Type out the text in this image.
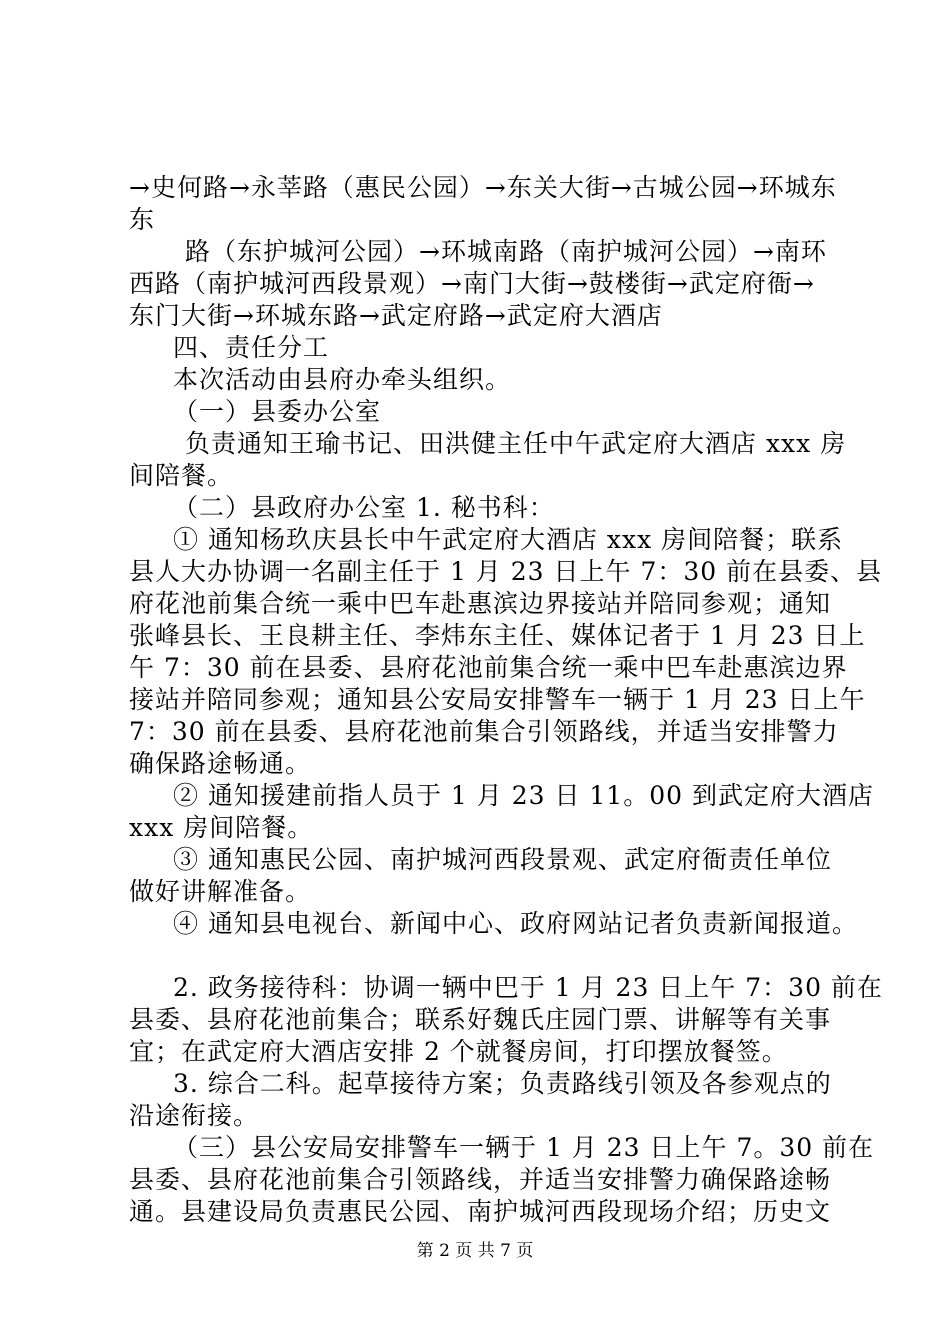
→史何路→永莘路（惠民公园）→东关大街→古城公园→环城东
东
路（东护城河公园）→环城南路（南护城河公园）→南环
西路（南护城河西段景观）→南门大街→鼓楼街→武定府衙→
东门大街→环城东路→武定府路→武定府大酒店
四、责任分工
本次活动由县府办牵头组织。
（一）县委办公室
负责通知王瑜书记、田洪健主任中午武定府大酒店 xxx 房
间陪餐。
（二）县政府办公室 1. 秘书科：
① 通知杨玖庆县长中午武定府大酒店 xxx 房间陪餐；联系
县人大办协调一名副主任于 1 月 23 日上午 7：30 前在县委、县
府花池前集合统一乘中巴车赴惠滨边界接站并陪同参观；通知
张峰县长、王良耕主任、李炜东主任、媒体记者于 1 月 23 日上
午 7：30 前在县委、县府花池前集合统一乘中巴车赴惠滨边界
接站并陪同参观；通知县公安局安排警车一辆于 1 月 23 日上午
7：30 前在县委、县府花池前集合引领路线，并适当安排警力
确保路途畅通。
② 通知援建前指人员于 1 月 23 日 11。00 到武定府大酒店
xxx 房间陪餐。
③ 通知惠民公园、南护城河西段景观、武定府衙责任单位
做好讲解准备。
④ 通知县电视台、新闻中心、政府网站记者负责新闻报道。
2. 政务接待科：协调一辆中巴于 1 月 23 日上午 7：30 前在
县委、县府花池前集合；联系好魏氏庄园门票、讲解等有关事
宜；在武定府大酒店安排 2 个就餐房间，打印摆放餐签。
3. 综合二科。起草接待方案；负责路线引领及各参观点的
沿途衔接。
（三）县公安局安排警车一辆于 1 月 23 日上午 7。30 前在
县委、县府花池前集合引领路线，并适当安排警力确保路途畅
通。县建设局负责惠民公园、南护城河西段现场介绍；历史文
第 2 页 共 7 页
